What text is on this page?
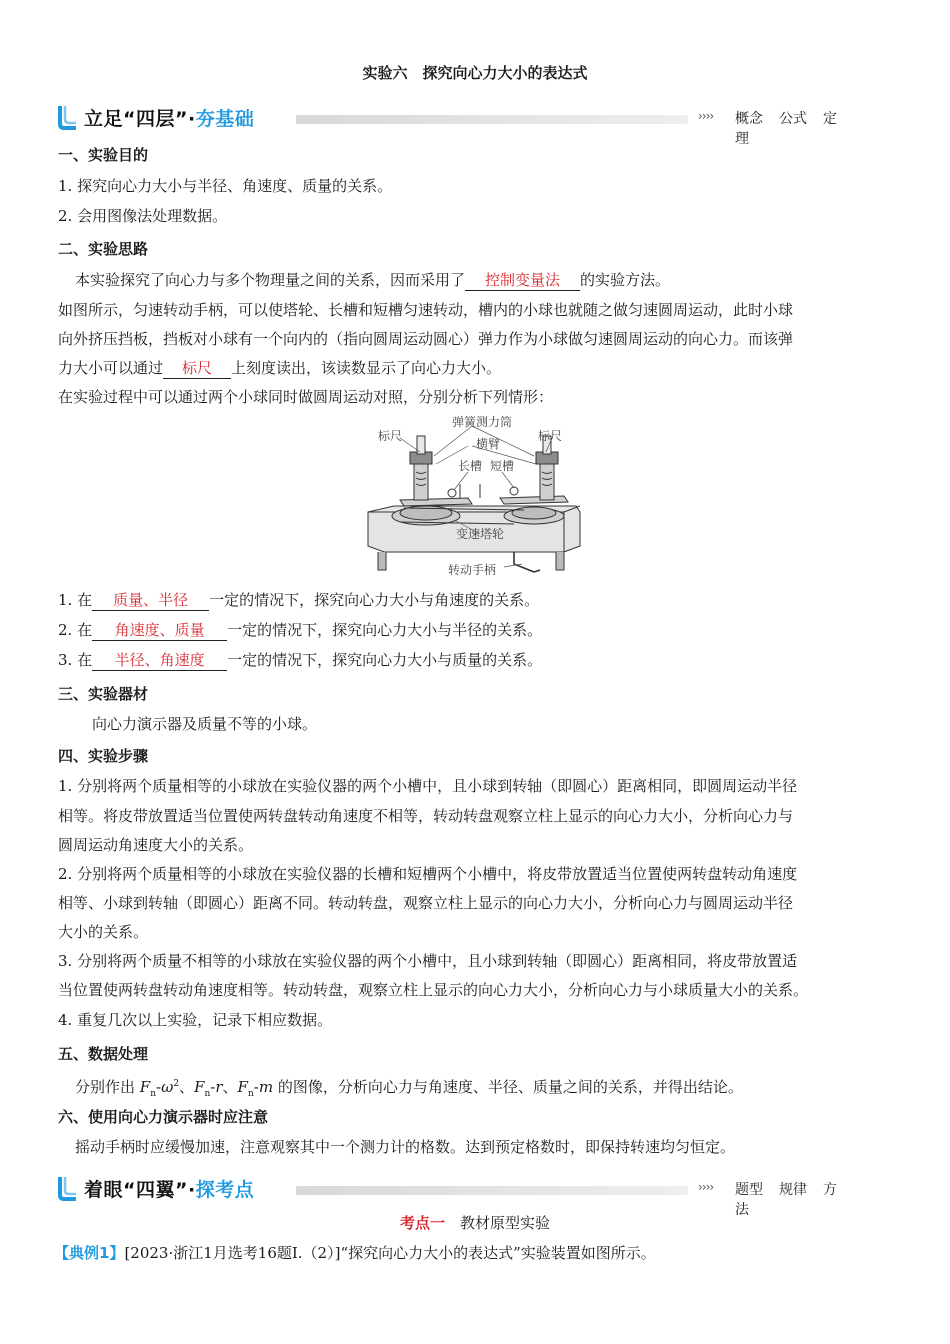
实验六　探究向心力大小的表达式
立足“四层”·夯基础	›››› 概念 公式 定理
一、实验目的
1. 探究向心力大小与半径、角速度、质量的关系。
2. 会用图像法处理数据。
二、实验思路
本实验探究了向心力与多个物理量之间的关系，因而采用了 控制变量法 的实验方法。
如图所示，匀速转动手柄，可以使塔轮、长槽和短槽匀速转动，槽内的小球也就随之做匀速圆周运动，此时小球
向外挤压挡板，挡板对小球有一个向内的（指向圆周运动圆心）弹力作为小球做匀速圆周运动的向心力。而该弹
力大小可以通过 标尺 上刻度读出，该读数显示了向心力大小。
在实验过程中可以通过两个小球同时做圆周运动对照，分别分析下列情形：
标尺
弹簧测力筒
标尺
横臂
长槽 短槽
变速塔轮
转动手柄
1. 在 质量、半径 一定的情况下，探究向心力大小与角速度的关系。
2. 在 角速度、质量 一定的情况下，探究向心力大小与半径的关系。
3. 在 半径、角速度 一定的情况下，探究向心力大小与质量的关系。
三、实验器材
向心力演示器及质量不等的小球。
四、实验步骤
1. 分别将两个质量相等的小球放在实验仪器的两个小槽中，且小球到转轴（即圆心）距离相同，即圆周运动半径
相等。将皮带放置适当位置使两转盘转动角速度不相等，转动转盘观察立柱上显示的向心力大小，分析向心力与
圆周运动角速度大小的关系。
2. 分别将两个质量相等的小球放在实验仪器的长槽和短槽两个小槽中，将皮带放置适当位置使两转盘转动角速度
相等、小球到转轴（即圆心）距离不同。转动转盘，观察立柱上显示的向心力大小，分析向心力与圆周运动半径
大小的关系。
3. 分别将两个质量不相等的小球放在实验仪器的两个小槽中，且小球到转轴（即圆心）距离相同，将皮带放置适
当位置使两转盘转动角速度相等。转动转盘，观察立柱上显示的向心力大小，分析向心力与小球质量大小的关系。
4. 重复几次以上实验，记录下相应数据。
五、数据处理
分别作出 $F_n-\omega^2$、$F_n-r$、$F_n-m$ 的图像，分析向心力与角速度、半径、质量之间的关系，并得出结论。
六、使用向心力演示器时应注意
摇动手柄时应缓慢加速，注意观察其中一个测力计的格数。达到预定格数时，即保持转速均匀恒定。
着眼“四翼”·探考点	›››› 题型 规律 方法
考点一　教材原型实验
【典例1】[2023·浙江1月选考16题Ⅰ.（2）]“探究向心力大小的表达式”实验装置如图所示。
